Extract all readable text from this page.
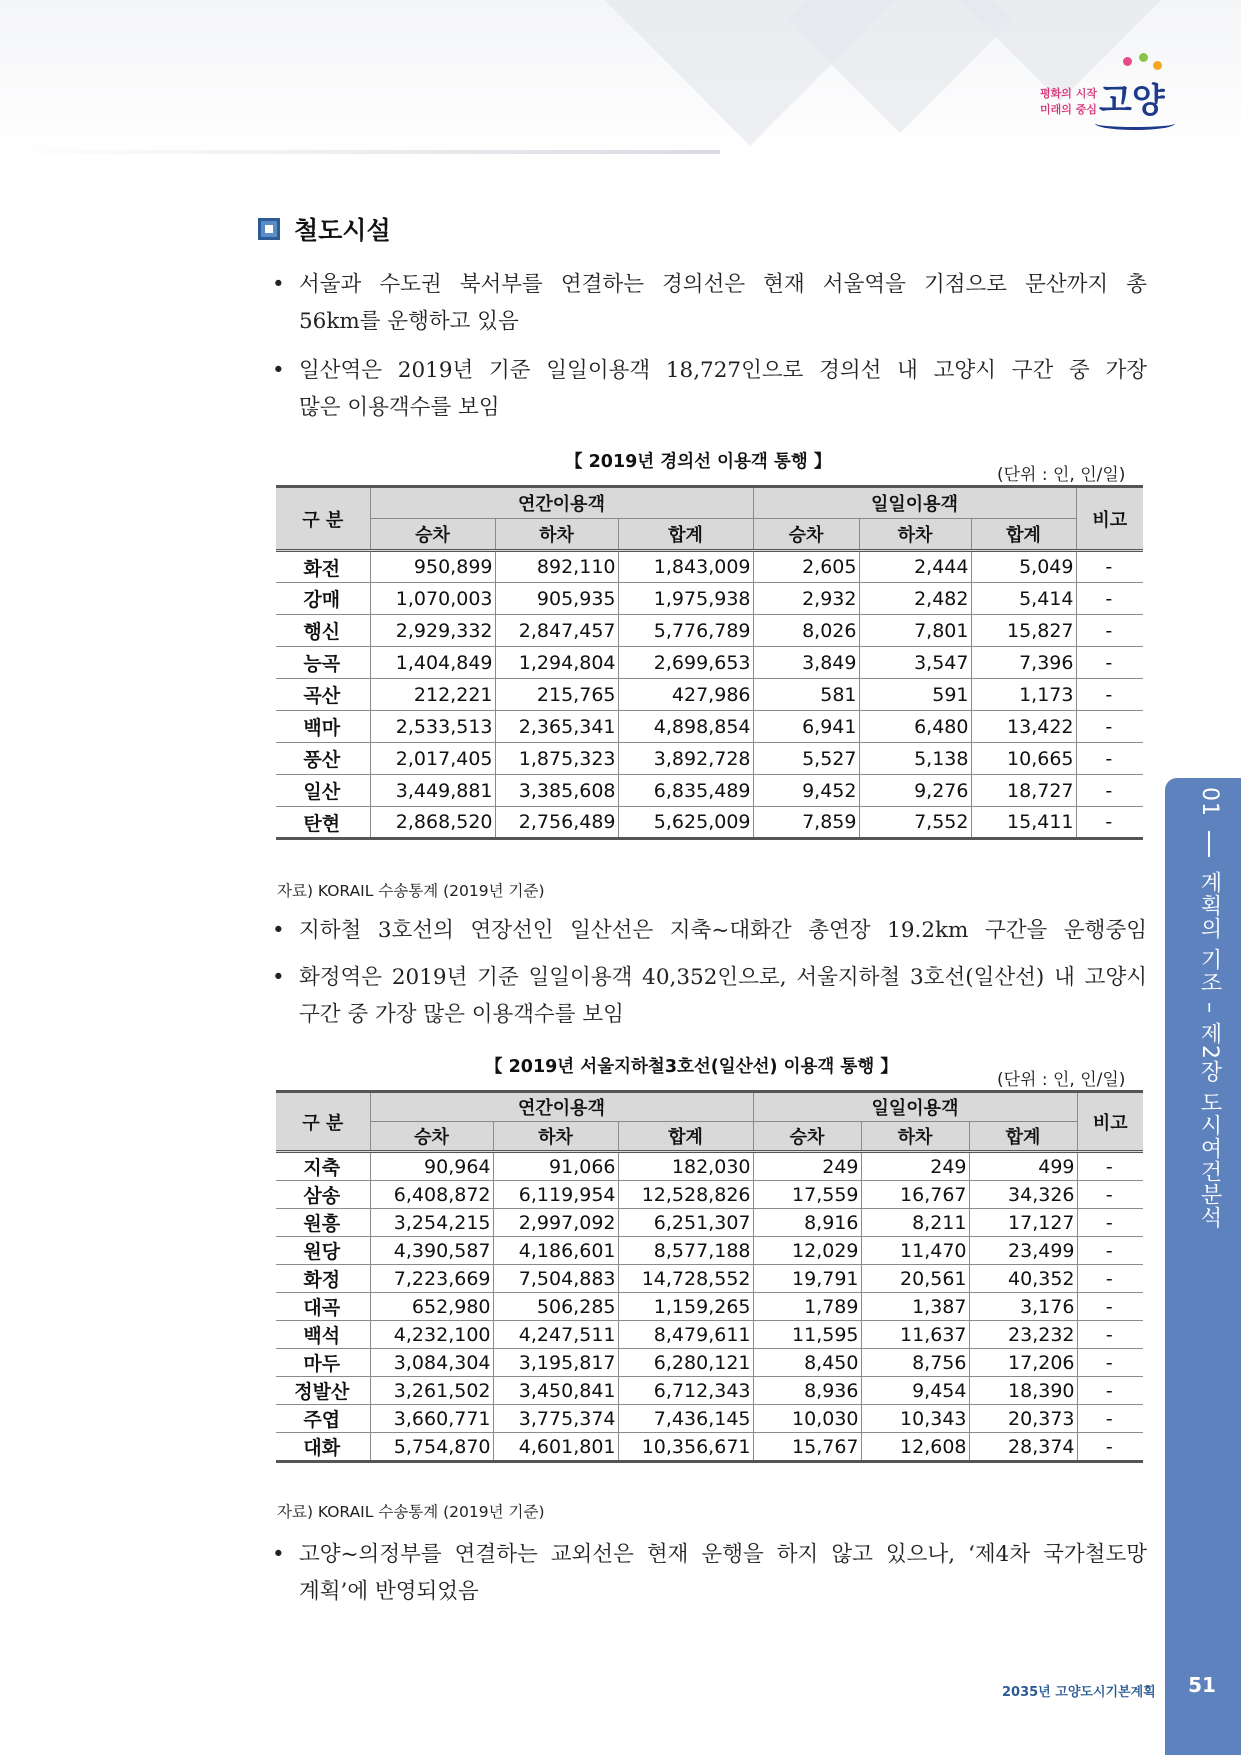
평화의 시작
미래의 중심 고양
철도시설
• 서울과 수도권 북서부를 연결하는 경의선은 현재 서울역을 기점으로 문산까지 총
56km를 운행하고 있음
• 일산역은 2019년 기준 일일이용객 18,727인으로 경의선 내 고양시 구간 중 가장
많은 이용객수를 보임
【 2019년 경의선 이용객 통행 】
(단위 : 인, 인/일)
구 분	연간이용객			일일이용객			비고
	승차	하차	합계	승차	하차	합계	
화전	950,899	892,110	1,843,009	2,605	2,444	5,049	-
강매	1,070,003	905,935	1,975,938	2,932	2,482	5,414	-
행신	2,929,332	2,847,457	5,776,789	8,026	7,801	15,827	-
능곡	1,404,849	1,294,804	2,699,653	3,849	3,547	7,396	-
곡산	212,221	215,765	427,986	581	591	1,173	-
백마	2,533,513	2,365,341	4,898,854	6,941	6,480	13,422	-
풍산	2,017,405	1,875,323	3,892,728	5,527	5,138	10,665	-
일산	3,449,881	3,385,608	6,835,489	9,452	9,276	18,727	-
탄현	2,868,520	2,756,489	5,625,009	7,859	7,552	15,411	-
자료) KORAIL 수송통계 (2019년 기준)
• 지하철 3호선의 연장선인 일산선은 지축~대화간 총연장 19.2km 구간을 운행중임
• 화정역은 2019년 기준 일일이용객 40,352인으로, 서울지하철 3호선(일산선) 내 고양시
구간 중 가장 많은 이용객수를 보임
【 2019년 서울지하철3호선(일산선) 이용객 통행 】
(단위 : 인, 인/일)
구 분	연간이용객			일일이용객			비고
	승차	하차	합계	승차	하차	합계	
지축	90,964	91,066	182,030	249	249	499	-
삼송	6,408,872	6,119,954	12,528,826	17,559	16,767	34,326	-
원흥	3,254,215	2,997,092	6,251,307	8,916	8,211	17,127	-
원당	4,390,587	4,186,601	8,577,188	12,029	11,470	23,499	-
화정	7,223,669	7,504,883	14,728,552	19,791	20,561	40,352	-
대곡	652,980	506,285	1,159,265	1,789	1,387	3,176	-
백석	4,232,100	4,247,511	8,479,611	11,595	11,637	23,232	-
마두	3,084,304	3,195,817	6,280,121	8,450	8,756	17,206	-
정발산	3,261,502	3,450,841	6,712,343	8,936	9,454	18,390	-
주엽	3,660,771	3,775,374	7,436,145	10,030	10,343	20,373	-
대화	5,754,870	4,601,801	10,356,671	15,767	12,608	28,374	-
자료) KORAIL 수송통계 (2019년 기준)
• 고양~의정부를 연결하는 교외선은 현재 운행을 하지 않고 있으나, ‘제4차 국가철도망
계획’에 반영되었음
01  계획의 기조 – 제2장 도시여건분석
2035년 고양도시기본계획	51
